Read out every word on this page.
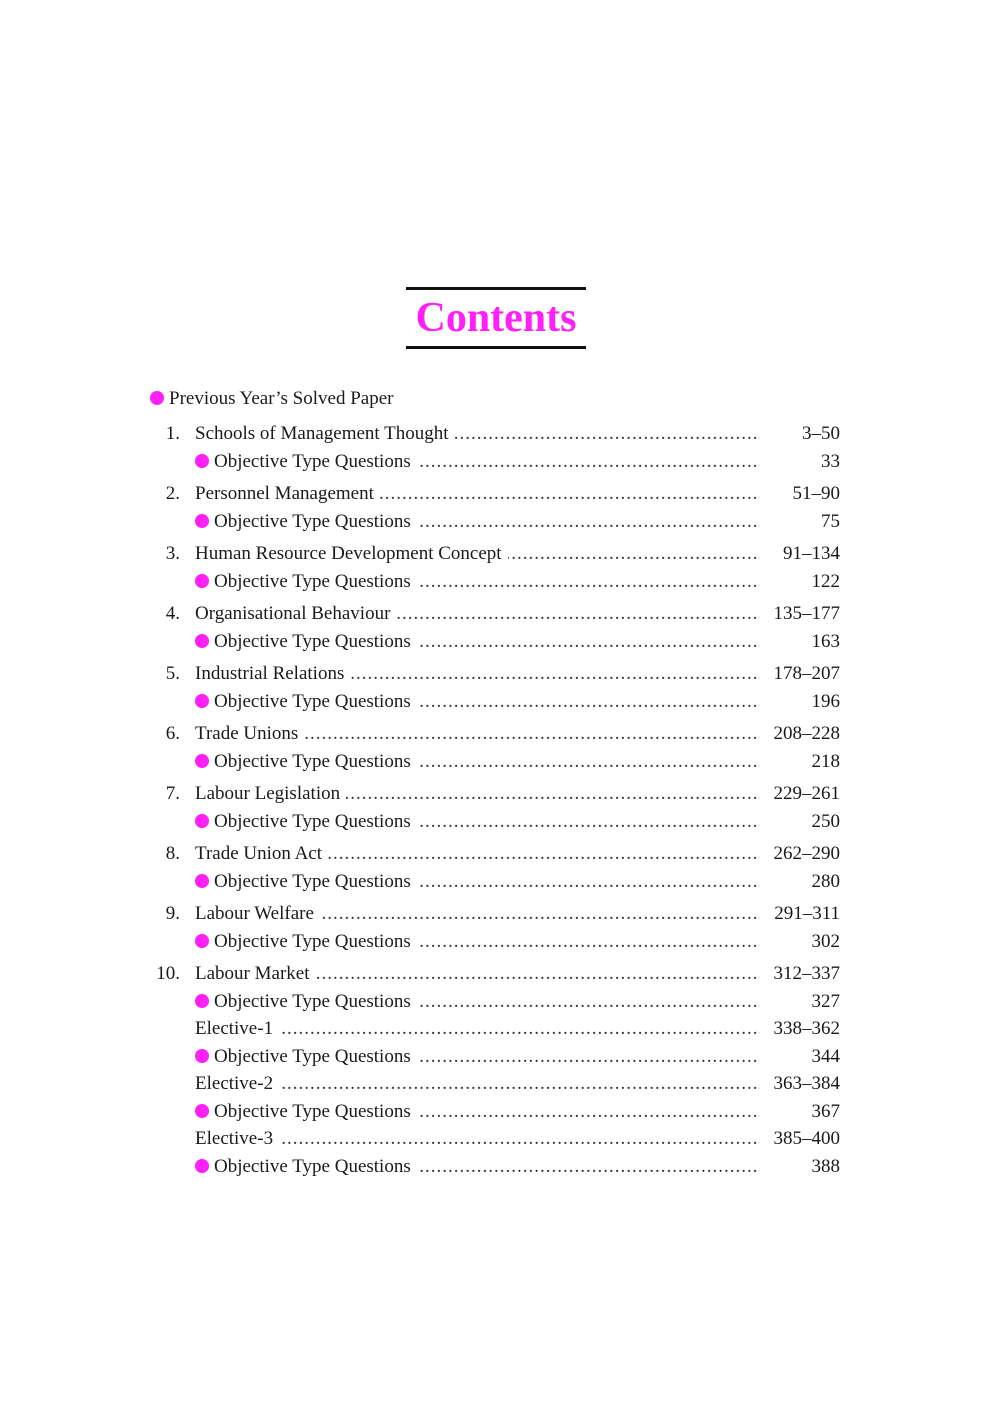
Contents
Previous Year’s Solved Paper
1. Schools of Management Thought .....	3–50
Objective Type Questions .....	33
2. Personnel Management .....	51–90
Objective Type Questions .....	75
3. Human Resource Development Concept .....	91–134
Objective Type Questions .....	122
4. Organisational Behaviour .....	135–177
Objective Type Questions .....	163
5. Industrial Relations .....	178–207
Objective Type Questions .....	196
6. Trade Unions .....	208–228
Objective Type Questions .....	218
7. Labour Legislation .....	229–261
Objective Type Questions .....	250
8. Trade Union Act .....	262–290
Objective Type Questions .....	280
9. Labour Welfare .....	291–311
Objective Type Questions .....	302
10. Labour Market .....	312–337
Objective Type Questions .....	327
Elective-1 .....	338–362
Objective Type Questions .....	344
Elective-2 .....	363–384
Objective Type Questions .....	367
Elective-3 .....	385–400
Objective Type Questions .....	388
